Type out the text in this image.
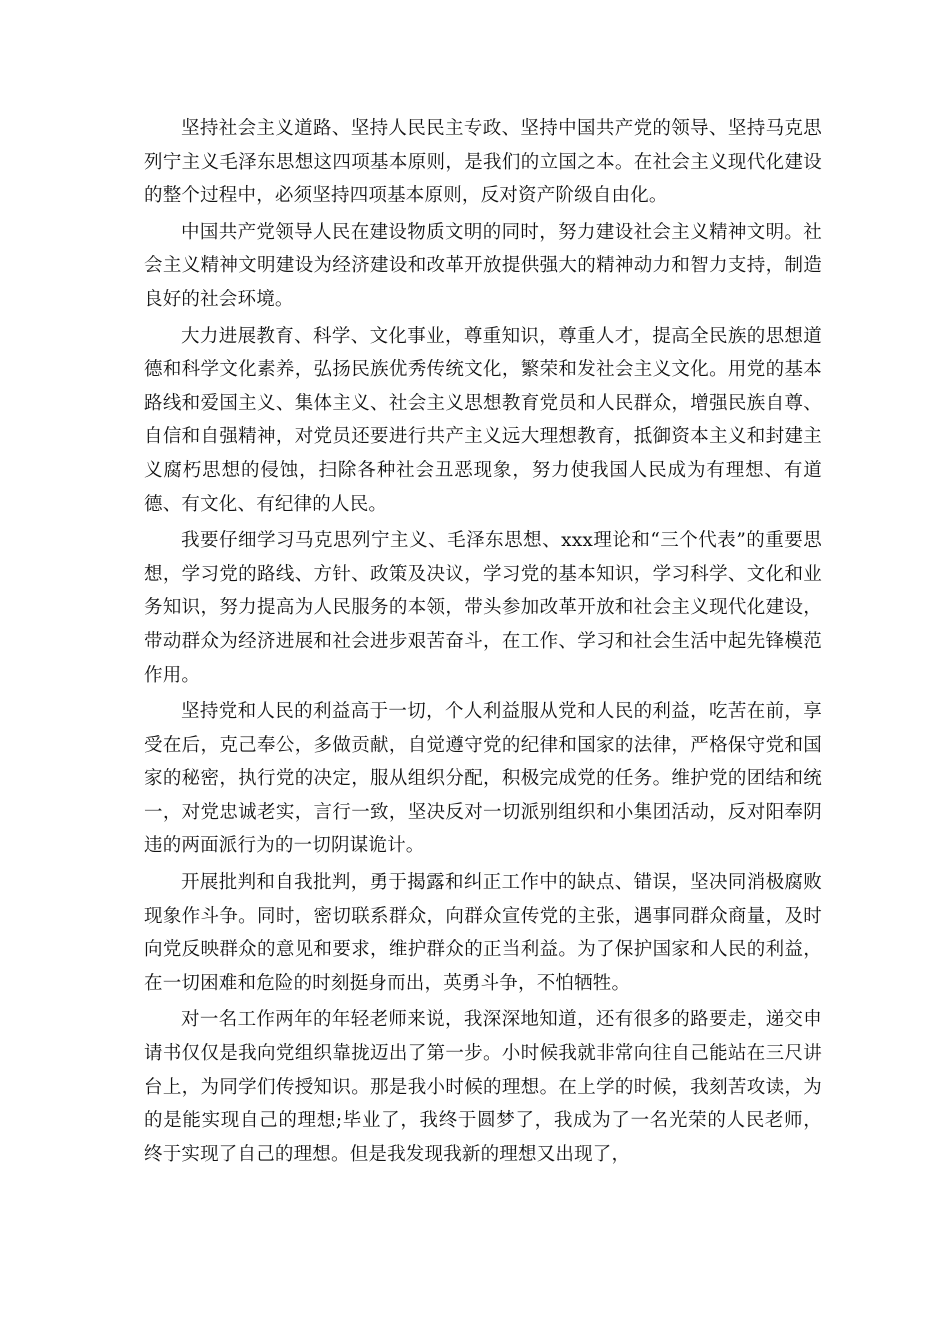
坚持社会主义道路、坚持人民民主专政、坚持中国共产党的领导、坚持马克思列宁主义毛泽东思想这四项基本原则，是我们的立国之本。在社会主义现代化建设的整个过程中，必须坚持四项基本原则，反对资产阶级自由化。

中国共产党领导人民在建设物质文明的同时，努力建设社会主义精神文明。社会主义精神文明建设为经济建设和改革开放提供强大的精神动力和智力支持，制造良好的社会环境。

大力进展教育、科学、文化事业，尊重知识，尊重人才，提高全民族的思想道德和科学文化素养，弘扬民族优秀传统文化，繁荣和发社会主义文化。用党的基本路线和爱国主义、集体主义、社会主义思想教育党员和人民群众，增强民族自尊、自信和自强精神，对党员还要进行共产主义远大理想教育，抵御资本主义和封建主义腐朽思想的侵蚀，扫除各种社会丑恶现象，努力使我国人民成为有理想、有道德、有文化、有纪律的人民。

我要仔细学习马克思列宁主义、毛泽东思想、xxx理论和“三个代表”的重要思想，学习党的路线、方针、政策及决议，学习党的基本知识，学习科学、文化和业务知识，努力提高为人民服务的本领，带头参加改革开放和社会主义现代化建设，带动群众为经济进展和社会进步艰苦奋斗，在工作、学习和社会生活中起先锋模范作用。

坚持党和人民的利益高于一切，个人利益服从党和人民的利益，吃苦在前，享受在后，克己奉公，多做贡献，自觉遵守党的纪律和国家的法律，严格保守党和国家的秘密，执行党的决定，服从组织分配，积极完成党的任务。维护党的团结和统一，对党忠诚老实，言行一致，坚决反对一切派别组织和小集团活动，反对阳奉阴违的两面派行为的一切阴谋诡计。

开展批判和自我批判，勇于揭露和纠正工作中的缺点、错误，坚决同消极腐败现象作斗争。同时，密切联系群众，向群众宣传党的主张，遇事同群众商量，及时向党反映群众的意见和要求，维护群众的正当利益。为了保护国家和人民的利益，在一切困难和危险的时刻挺身而出，英勇斗争，不怕牺牲。

对一名工作两年的年轻老师来说，我深深地知道，还有很多的路要走，递交申请书仅仅是我向党组织靠拢迈出了第一步。小时候我就非常向往自己能站在三尺讲台上，为同学们传授知识。那是我小时候的理想。在上学的时候，我刻苦攻读，为的是能实现自己的理想;毕业了，我终于圆梦了，我成为了一名光荣的人民老师，终于实现了自己的理想。但是我发现我新的理想又出现了，
